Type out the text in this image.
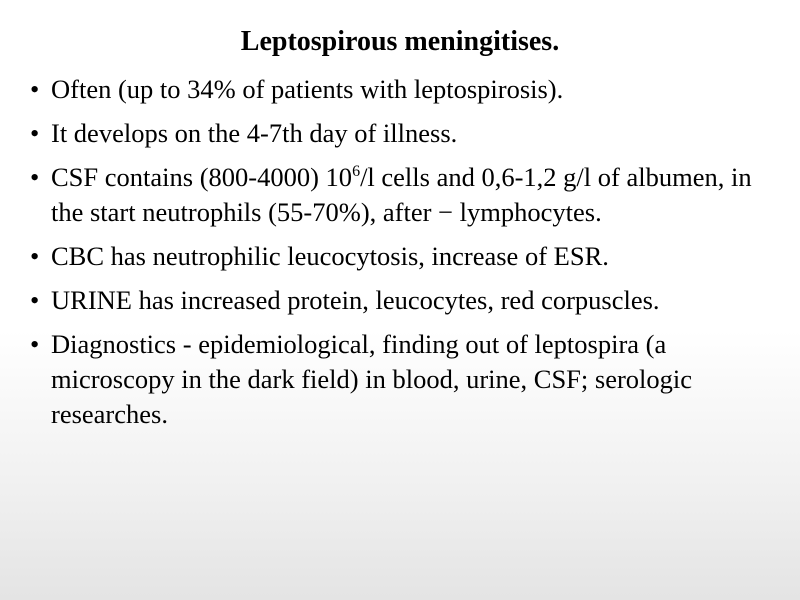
Leptospirous meningitises.
• Often (up to 34% of patients with leptospirosis).
• It develops on the 4-7th day of illness.
• CSF contains (800-4000) $10^6/l$ cells and 0,6-1,2 g/l of albumen, in the start neutrophils (55-70%), after − lymphocytes.
• CBC has neutrophilic leucocytosis, increase of ESR.
• URINE has increased protein, leucocytes, red corpuscles.
• Diagnostics - epidemiological, finding out of leptospira (a microscopy in the dark field) in blood, urine, CSF; serologic researches.
